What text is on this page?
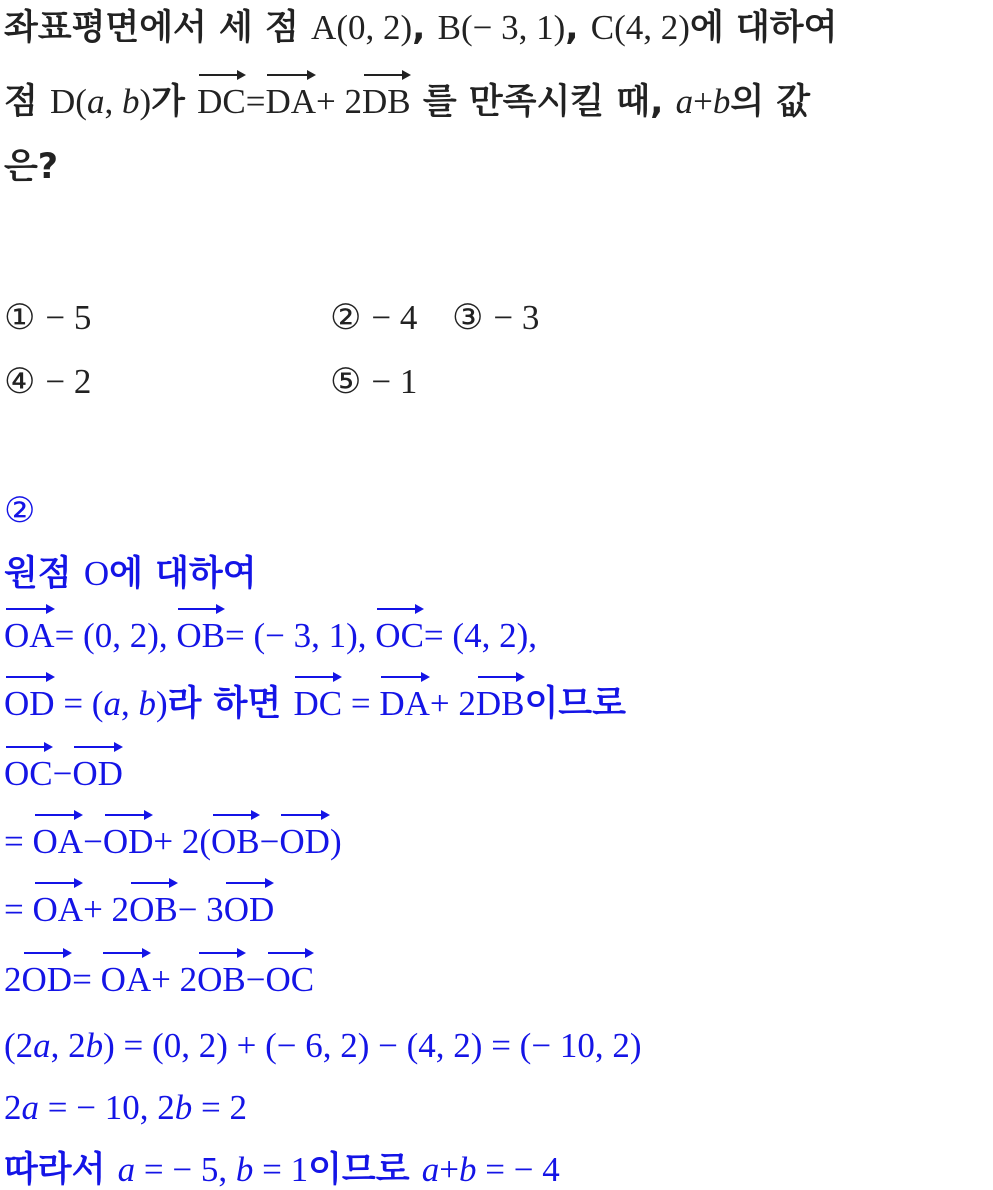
좌표평면에서 세 점 A(0, 2), B(− 3, 1), C(4, 2)에 대하여
점 D(a, b)가 DC=DA+ 2DB 를 만족시킬 때, a+b의 값
은?
① − 5	② − 4 ③ − 3
④ − 2	⑤ − 1
②
원점 O에 대하여
OA= (0, 2), OB= (− 3, 1), OC= (4, 2),
OD = (a, b)라 하면 DC = DA+ 2DB이므로
OC−OD
= OA−OD+ 2(OB−OD)
= OA+ 2OB− 3OD
2OD= OA+ 2OB−OC
(2a, 2b) = (0, 2) + (− 6, 2) − (4, 2) = (− 10, 2)
2a = − 10, 2b = 2
따라서 a = − 5, b = 1이므로 a+b = − 4
